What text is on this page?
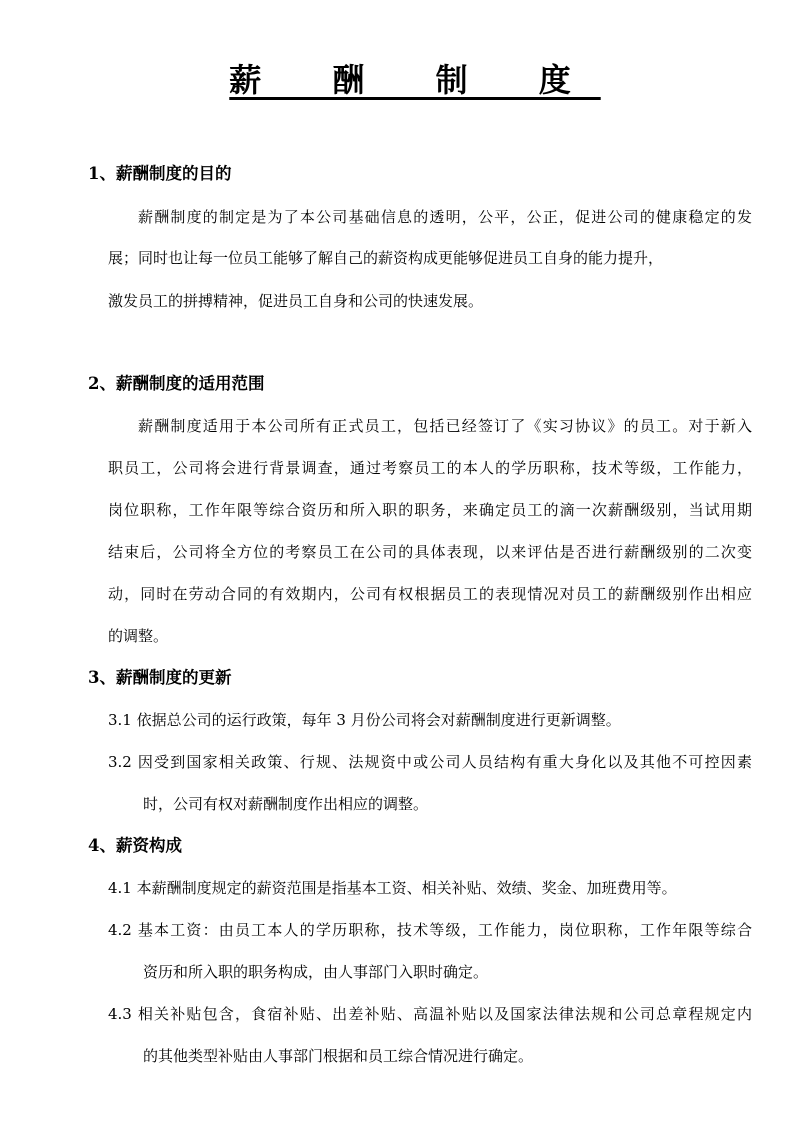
薪 酬 制 度
1、薪酬制度的目的
薪酬制度的制定是为了本公司基础信息的透明，公平，公正，促进公司的健康稳定的发
展；同时也让每一位员工能够了解自己的薪资构成更能够促进员工自身的能力提升，
激发员工的拼搏精神，促进员工自身和公司的快速发展。
2、薪酬制度的适用范围
薪酬制度适用于本公司所有正式员工，包括已经签订了《实习协议》的员工。对于新入
职员工，公司将会进行背景调查，通过考察员工的本人的学历职称，技术等级，工作能力，
岗位职称，工作年限等综合资历和所入职的职务，来确定员工的滴一次薪酬级别，当试用期
结束后，公司将全方位的考察员工在公司的具体表现，以来评估是否进行薪酬级别的二次变
动，同时在劳动合同的有效期内，公司有权根据员工的表现情况对员工的薪酬级别作出相应
的调整。
3、薪酬制度的更新
3.1 依据总公司的运行政策，每年 3 月份公司将会对薪酬制度进行更新调整。
3.2 因受到国家相关政策、行规、法规资中或公司人员结构有重大身化以及其他不可控因素
时，公司有权对薪酬制度作出相应的调整。
4、薪资构成
4.1 本薪酬制度规定的薪资范围是指基本工资、相关补贴、效绩、奖金、加班费用等。
4.2 基本工资：由员工本人的学历职称，技术等级，工作能力，岗位职称，工作年限等综合
资历和所入职的职务构成，由人事部门入职时确定。
4.3 相关补贴包含，食宿补贴、出差补贴、高温补贴以及国家法律法规和公司总章程规定内
的其他类型补贴由人事部门根据和员工综合情况进行确定。
